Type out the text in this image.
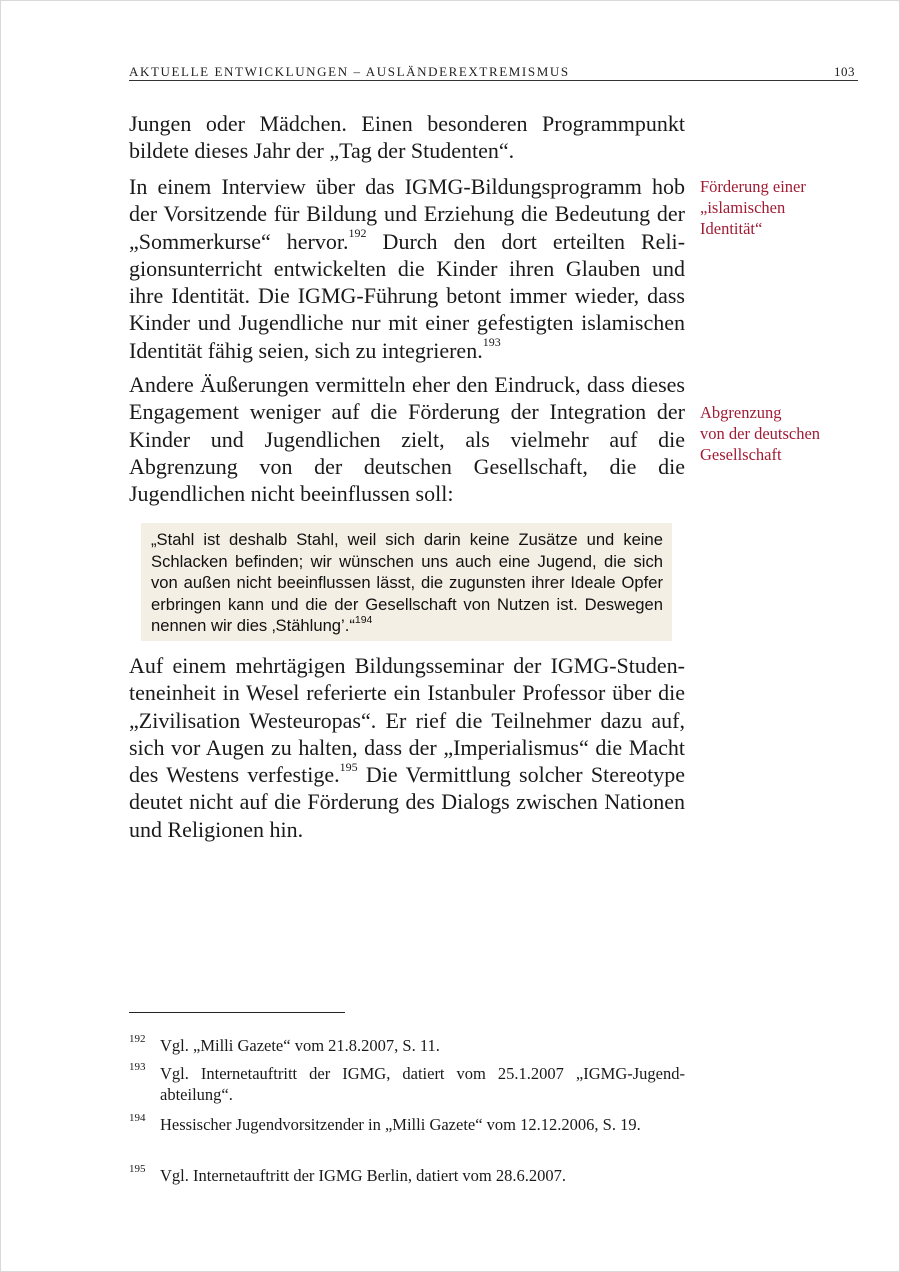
AKTUELLE ENTWICKLUNGEN – AUSLÄNDEREXTREMISMUS	103

Jungen oder Mädchen. Einen besonderen Programmpunkt bildete dieses Jahr der „Tag der Studenten“.

In einem Interview über das IGMG-Bildungsprogramm hob der Vorsitzende für Bildung und Erziehung die Bedeutung der „Sommerkurse“ hervor.$^{192}$ Durch den dort erteilten Religionsunterricht entwickelten die Kinder ihren Glauben und ihre Identität. Die IGMG-Führung betont immer wieder, dass Kinder und Jugendliche nur mit einer gefestigten islamischen Identität fähig seien, sich zu integrieren.$^{193}$

Förderung einer
„islamischen
Identität“

Andere Äußerungen vermitteln eher den Eindruck, dass dieses Engagement weniger auf die Förderung der Integration der Kinder und Jugendlichen zielt, als vielmehr auf die Abgrenzung von der deutschen Gesellschaft, die die Jugendlichen nicht beeinflussen soll:

Abgrenzung
von der deutschen
Gesellschaft
„Stahl ist deshalb Stahl, weil sich darin keine Zusätze und keine Schlacken befinden; wir wünschen uns auch eine Jugend, die sich von außen nicht beeinflussen lässt, die zugunsten ihrer Ideale Opfer erbringen kann und die der Gesellschaft von Nutzen ist. Deswegen nennen wir dies ‚Stählung’.“$^{194}$

Auf einem mehrtägigen Bildungsseminar der IGMG-Studenteneinheit in Wesel referierte ein Istanbuler Professor über die „Zivilisation Westeuropas“. Er rief die Teilnehmer dazu auf, sich vor Augen zu halten, dass der „Imperialismus“ die Macht des Westens verfestige.$^{195}$ Die Vermittlung solcher Stereotype deutet nicht auf die Förderung des Dialogs zwischen Nationen und Religionen hin.

192 Vgl. „Milli Gazete“ vom 21.8.2007, S. 11.
193 Vgl. Internetauftritt der IGMG, datiert vom 25.1.2007 „IGMG-Jugendabteilung“.
194 Hessischer Jugendvorsitzender in „Milli Gazete“ vom 12.12.2006, S. 19.
195 Vgl. Internetauftritt der IGMG Berlin, datiert vom 28.6.2007.
